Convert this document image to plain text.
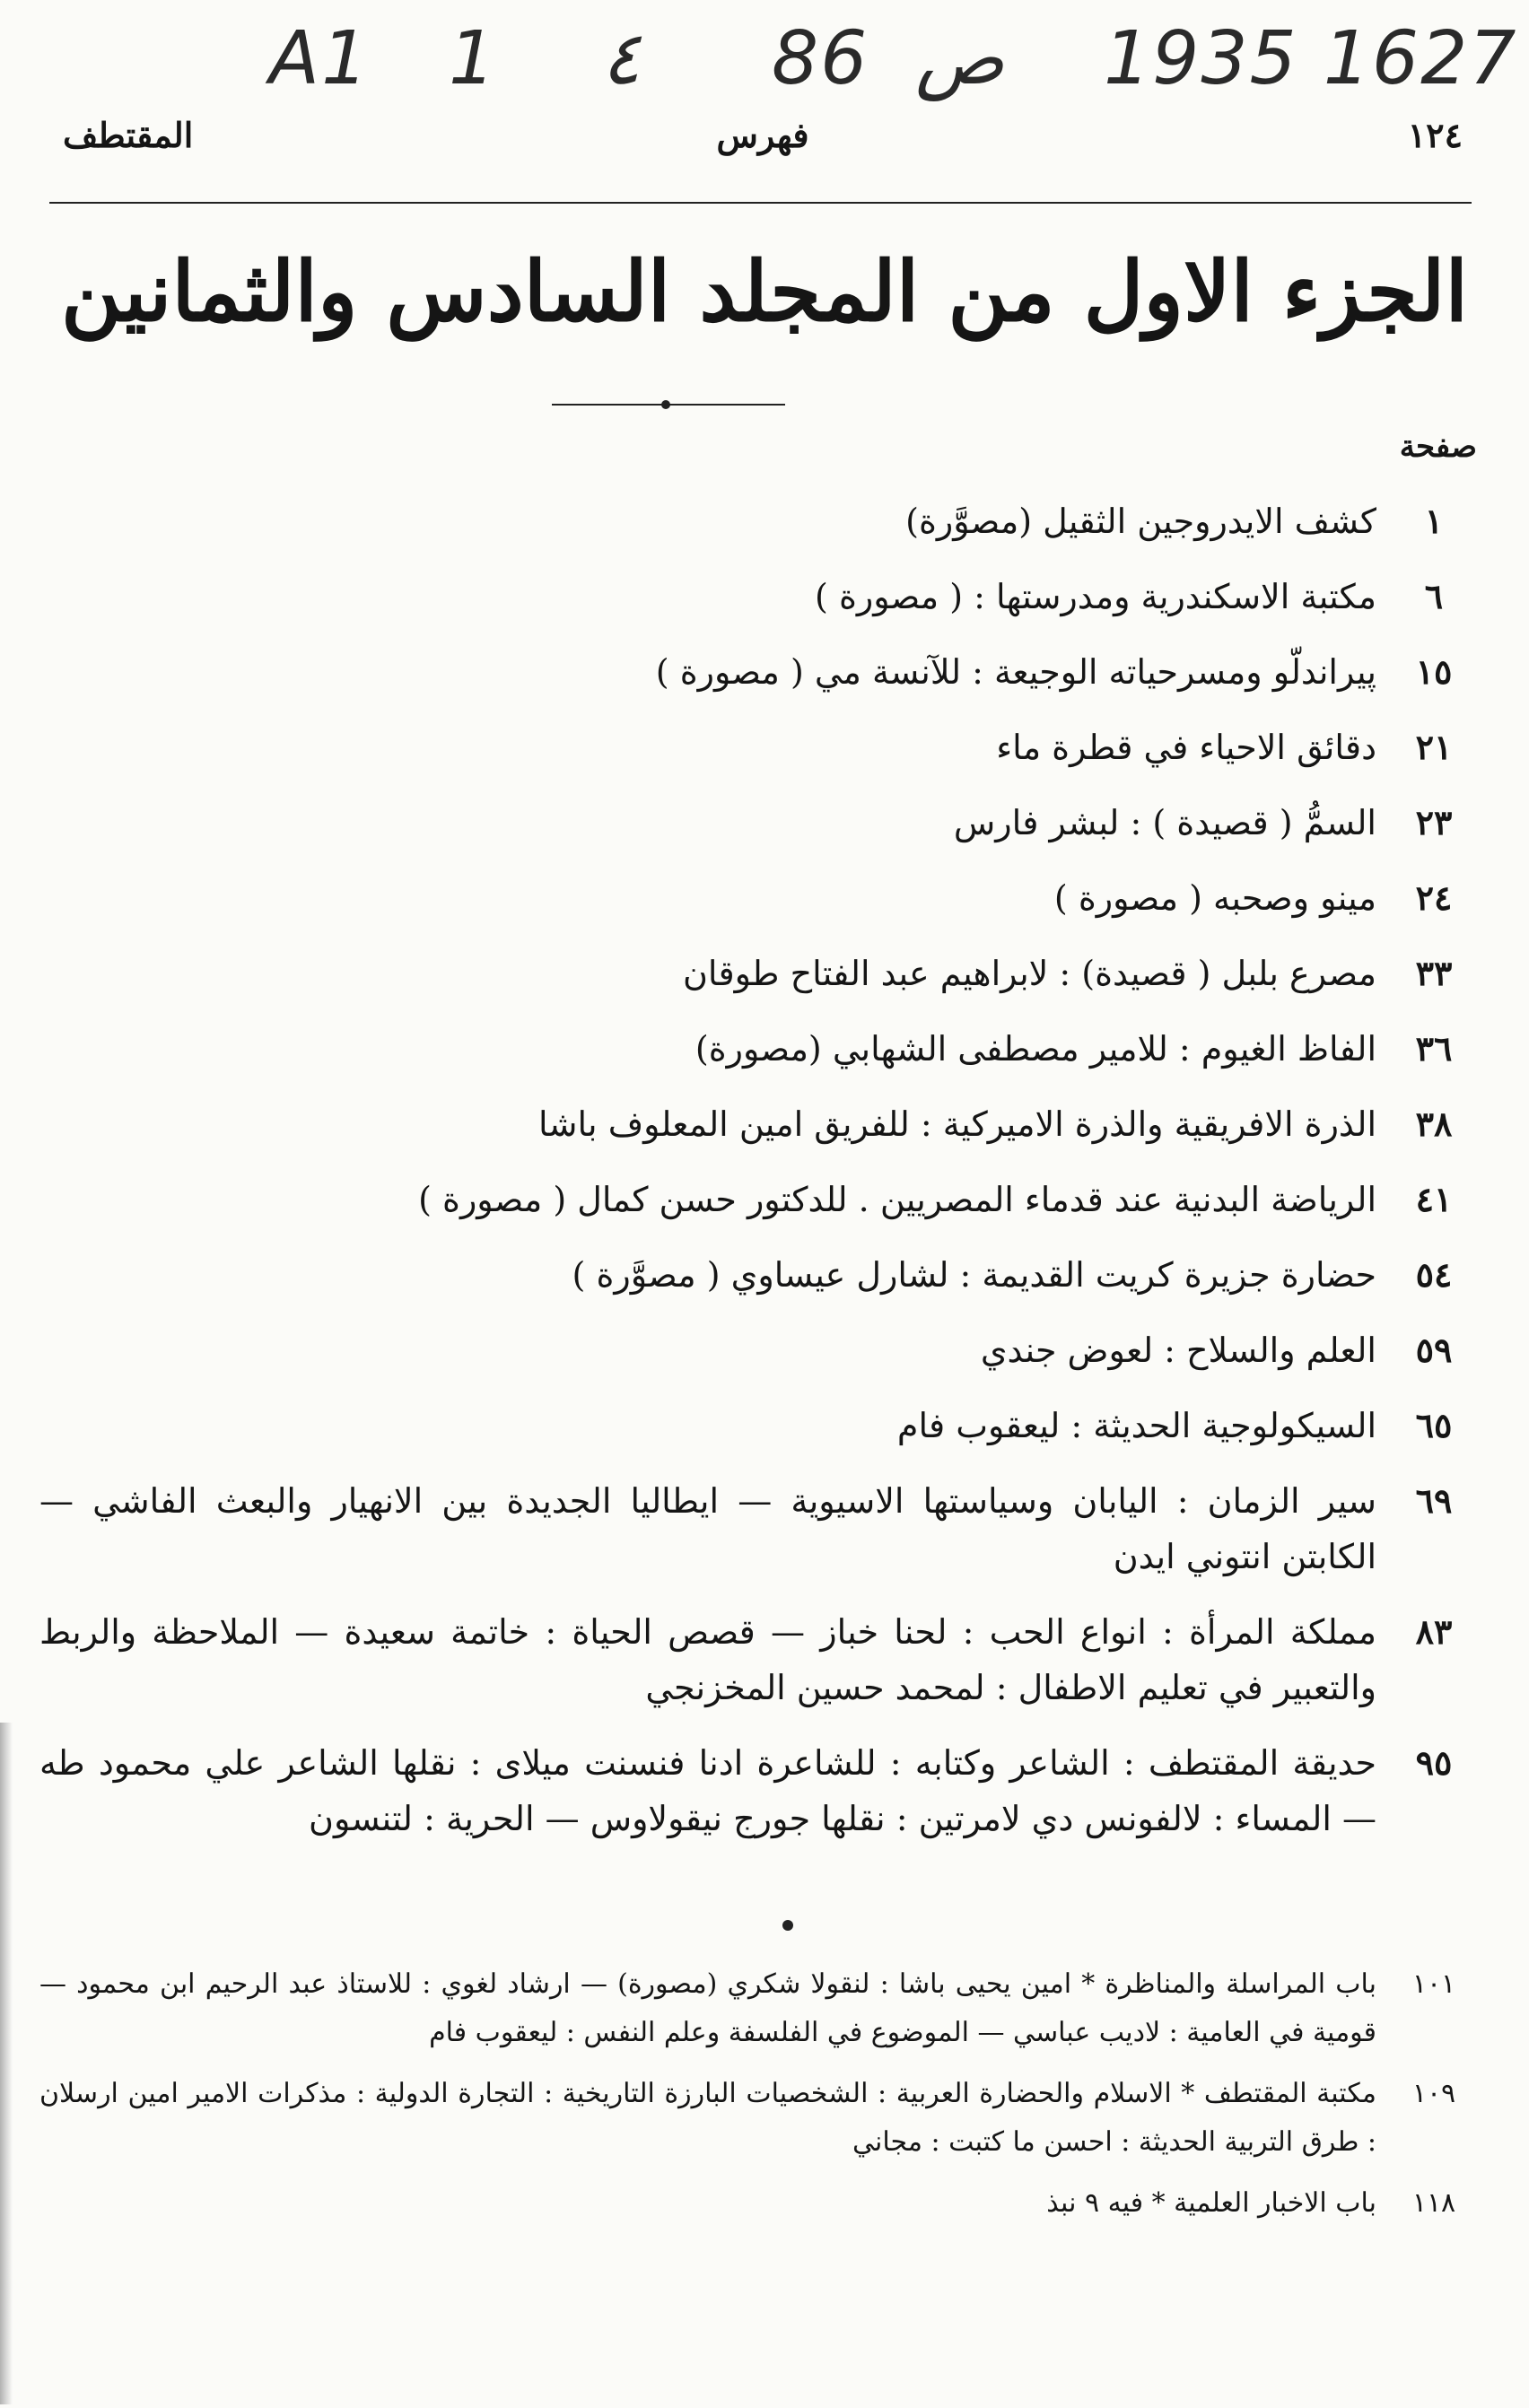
A1 1 ٤ 86 ص 1935 1627
١٢٤
فهرس
المقتطف
الجزء الاول من المجلد السادس والثمانين
صفحة
١
كشف الايدروجين الثقيل (مصوَّرة)
٦
مكتبة الاسكندرية ومدرستها : ( مصورة )
١٥
پيراندلّو ومسرحياته الوجيعة : للآنسة مي ( مصورة )
٢١
دقائق الاحياء في قطرة ماء
٢٣
السمُّ ( قصيدة ) : لبشر فارس
٢٤
مينو وصحبه ( مصورة )
٣٣
مصرع بلبل ( قصيدة) : لابراهيم عبد الفتاح طوقان
٣٦
الفاظ الغيوم : للامير مصطفى الشهابي (مصورة)
٣٨
الذرة الافريقية والذرة الاميركية : للفريق امين المعلوف باشا
٤١
الرياضة البدنية عند قدماء المصريين . للدكتور حسن كمال ( مصورة )
٥٤
حضارة جزيرة كريت القديمة : لشارل عيساوي ( مصوَّرة )
٥٩
العلم والسلاح : لعوض جندي
٦٥
السيكولوجية الحديثة : ليعقوب فام
٦٩
سير الزمان : اليابان وسياستها الاسيوية — ايطاليا الجديدة بين الانهيار والبعث الفاشي — الكابتن انتوني ايدن
٨٣
مملكة المرأة : انواع الحب : لحنا خباز — قصص الحياة : خاتمة سعيدة — الملاحظة والربط والتعبير في تعليم الاطفال : لمحمد حسين المخزنجي
٩٥
حديقة المقتطف : الشاعر وكتابه : للشاعرة ادنا فنسنت ميلاى : نقلها الشاعر علي محمود طه — المساء : لالفونس دي لامرتين : نقلها جورج نيقولاوس — الحرية : لتنسون
١٠١
باب المراسلة والمناظرة * امين يحيى باشا : لنقولا شكري (مصورة) — ارشاد لغوي : للاستاذ عبد الرحيم ابن محمود — قومية في العامية : لاديب عباسي — الموضوع في الفلسفة وعلم النفس : ليعقوب فام
١٠٩
مكتبة المقتطف * الاسلام والحضارة العربية : الشخصيات البارزة التاريخية : التجارة الدولية : مذكرات الامير امين ارسلان : طرق التربية الحديثة : احسن ما كتبت : مجاني
١١٨
باب الاخبار العلمية * فيه ٩ نبذ
